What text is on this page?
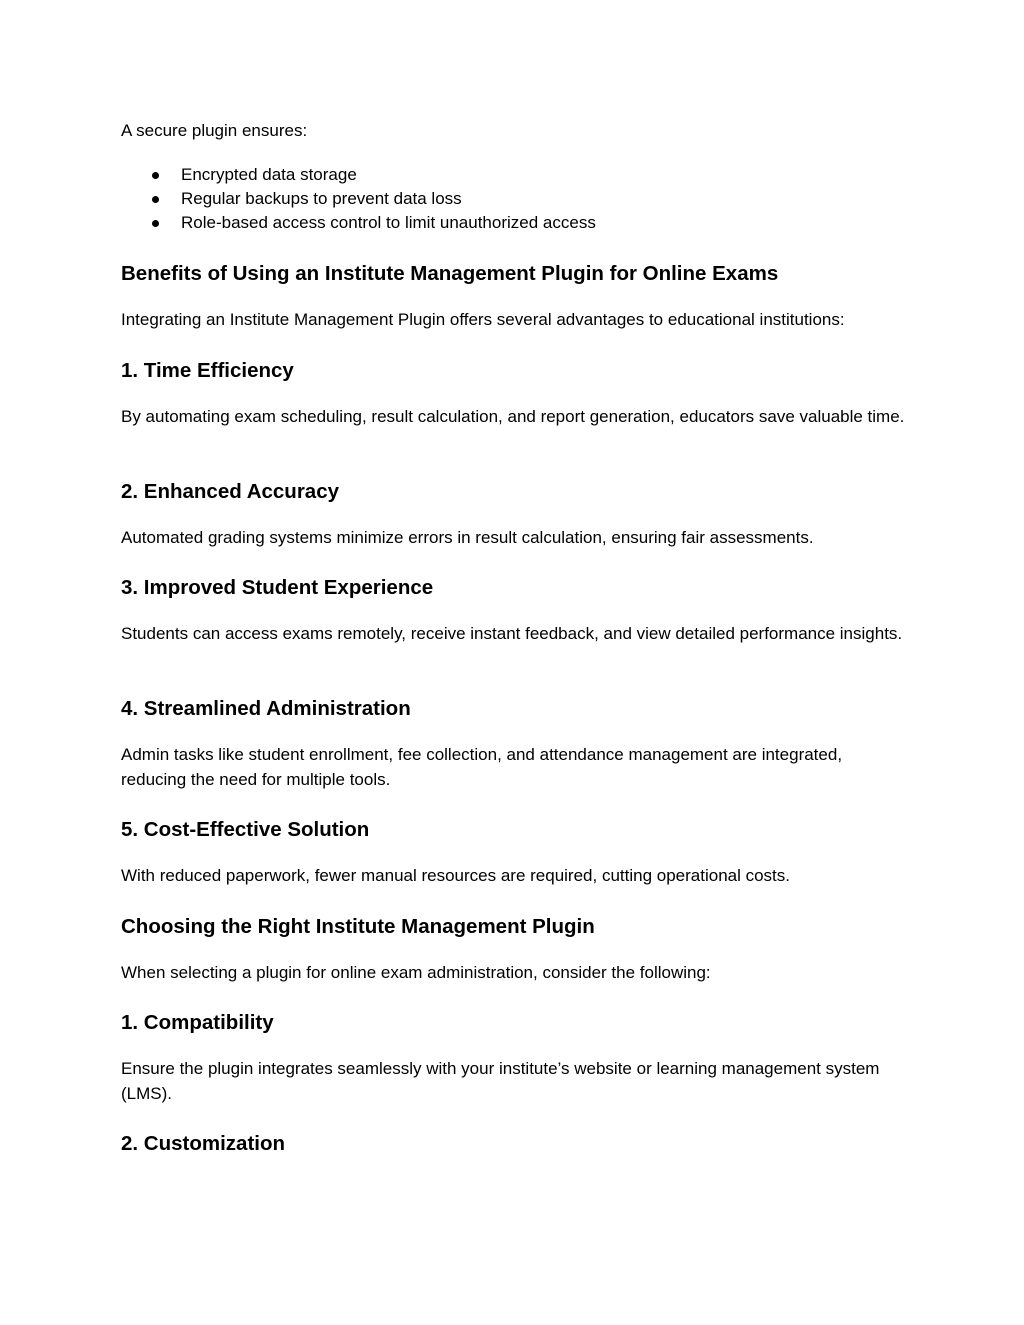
A secure plugin ensures:

Encrypted data storage
Regular backups to prevent data loss
Role-based access control to limit unauthorized access
Benefits of Using an Institute Management Plugin for Online Exams

Integrating an Institute Management Plugin offers several advantages to educational institutions:

1. Time Efficiency

By automating exam scheduling, result calculation, and report generation, educators save valuable time.

2. Enhanced Accuracy

Automated grading systems minimize errors in result calculation, ensuring fair assessments.

3. Improved Student Experience

Students can access exams remotely, receive instant feedback, and view detailed performance insights.

4. Streamlined Administration

Admin tasks like student enrollment, fee collection, and attendance management are integrated, reducing the need for multiple tools.

5. Cost-Effective Solution

With reduced paperwork, fewer manual resources are required, cutting operational costs.

Choosing the Right Institute Management Plugin

When selecting a plugin for online exam administration, consider the following:

1. Compatibility

Ensure the plugin integrates seamlessly with your institute’s website or learning management system (LMS).

2. Customization
